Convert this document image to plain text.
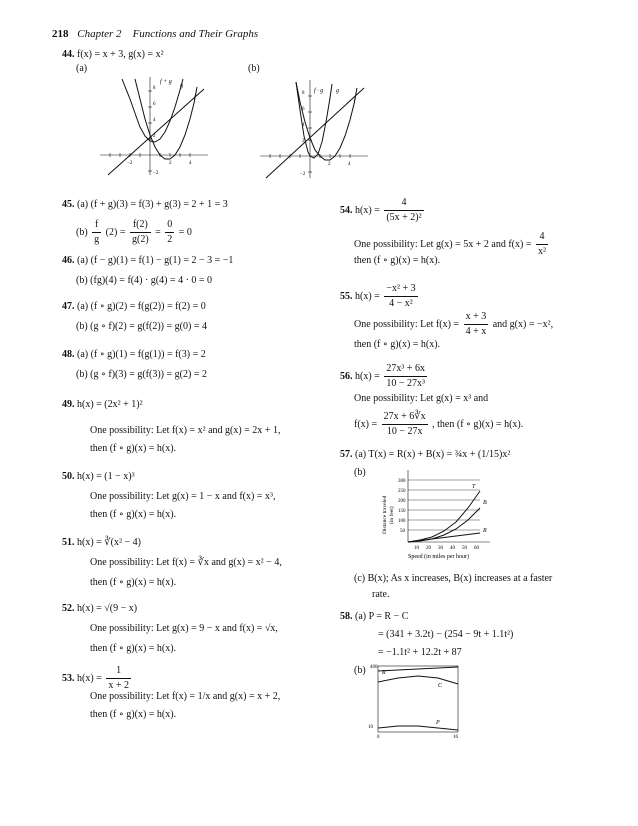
218 Chapter 2 Functions and Their Graphs
44. f(x) = x + 3, g(x) = x²
(a)	(b)
8
6
4
2
−2
−2	2	4
f + g
g
f
8
6
4
2
−2
2	4
f · g g
f
45. (a) (f + g)(3) = f(3) + g(3) = 2 + 1 = 3
$(b) \frac{f}{g} (2) = \frac{f(2)}{g(2)} = \frac{0}{2} = 0$
46. (a) (f − g)(1) = f(1) − g(1) = 2 − 3 = −1
(b) (fg)(4) = f(4) · g(4) = 4 · 0 = 0
47. (a) (f ∘ g)(2) = f(g(2)) = f(2) = 0
(b) (g ∘ f)(2) = g(f(2)) = g(0) = 4
48. (a) (f ∘ g)(1) = f(g(1)) = f(3) = 2
(b) (g ∘ f)(3) = g(f(3)) = g(2) = 2
49. h(x) = (2x² + 1)²
One possibility: Let f(x) = x² and g(x) = 2x + 1,
then (f ∘ g)(x) = h(x).
50. h(x) = (1 − x)³
One possibility: Let g(x) = 1 − x and f(x) = x³,
then (f ∘ g)(x) = h(x).
51. h(x) = ∛(x² − 4)
One possibility: Let f(x) = ∛x and g(x) = x² − 4,
then (f ∘ g)(x) = h(x).
52. h(x) = √(9 − x)
One possibility: Let g(x) = 9 − x and f(x) = √x,
then (f ∘ g)(x) = h(x).
53. $h(x) = \frac{1}{x + 2}$
One possibility: Let f(x) = 1/x and g(x) = x + 2,
then (f ∘ g)(x) = h(x).
54. $h(x) = \frac{4}{\text{(5x + 2)²}}$
One possibility: Let g(x) = 5x + 2 and $f(x) = \frac{4}{\text{x²}}$
then (f ∘ g)(x) = h(x).
55. $h(x) = \frac{\text{−x² + 3}}{\text{4 − x²}}$
One possibility: Let $f(x) = \frac{x + 3}{4 + x}$ and g(x) = −x²,
then (f ∘ g)(x) = h(x).
56. $h(x) = \frac{\text{27x³ + 6x}}{\text{10 − 27x³}}$
One possibility: Let g(x) = x³ and
$f(x) = \frac{27x + 6∛x}{10 - 27x}$ , then (f ∘ g)(x) = h(x).
57. (a) T(x) = R(x) + B(x) = ¾x + (1/15)x²
(b)
300
250
200
150
100
50
10 20 30 40 50 60
Speed (in miles per hour)
Distance traveled (in feet)
T
B
R
(c) B(x); As x increases, B(x) increases at a faster
rate.
58. (a) P = R − C
= (341 + 3.2t) − (254 − 9t + 1.1t²)
= −1.1t² + 12.2t + 87
(b) 400
10
16
0
R
C
P
